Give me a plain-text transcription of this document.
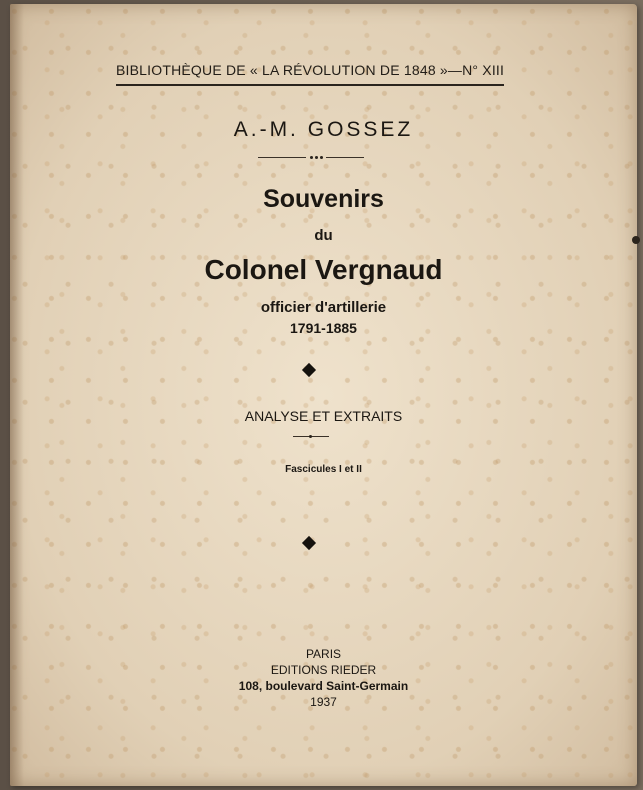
BIBLIOTHÈQUE DE « LA RÉVOLUTION DE 1848 » — N° XIII
A.-M. GOSSEZ
Souvenirs
du
Colonel Vergnaud
officier d'artillerie
1791-1885
ANALYSE ET EXTRAITS
Fascicules I et II
PARIS
EDITIONS RIEDER
108, boulevard Saint-Germain
1937
